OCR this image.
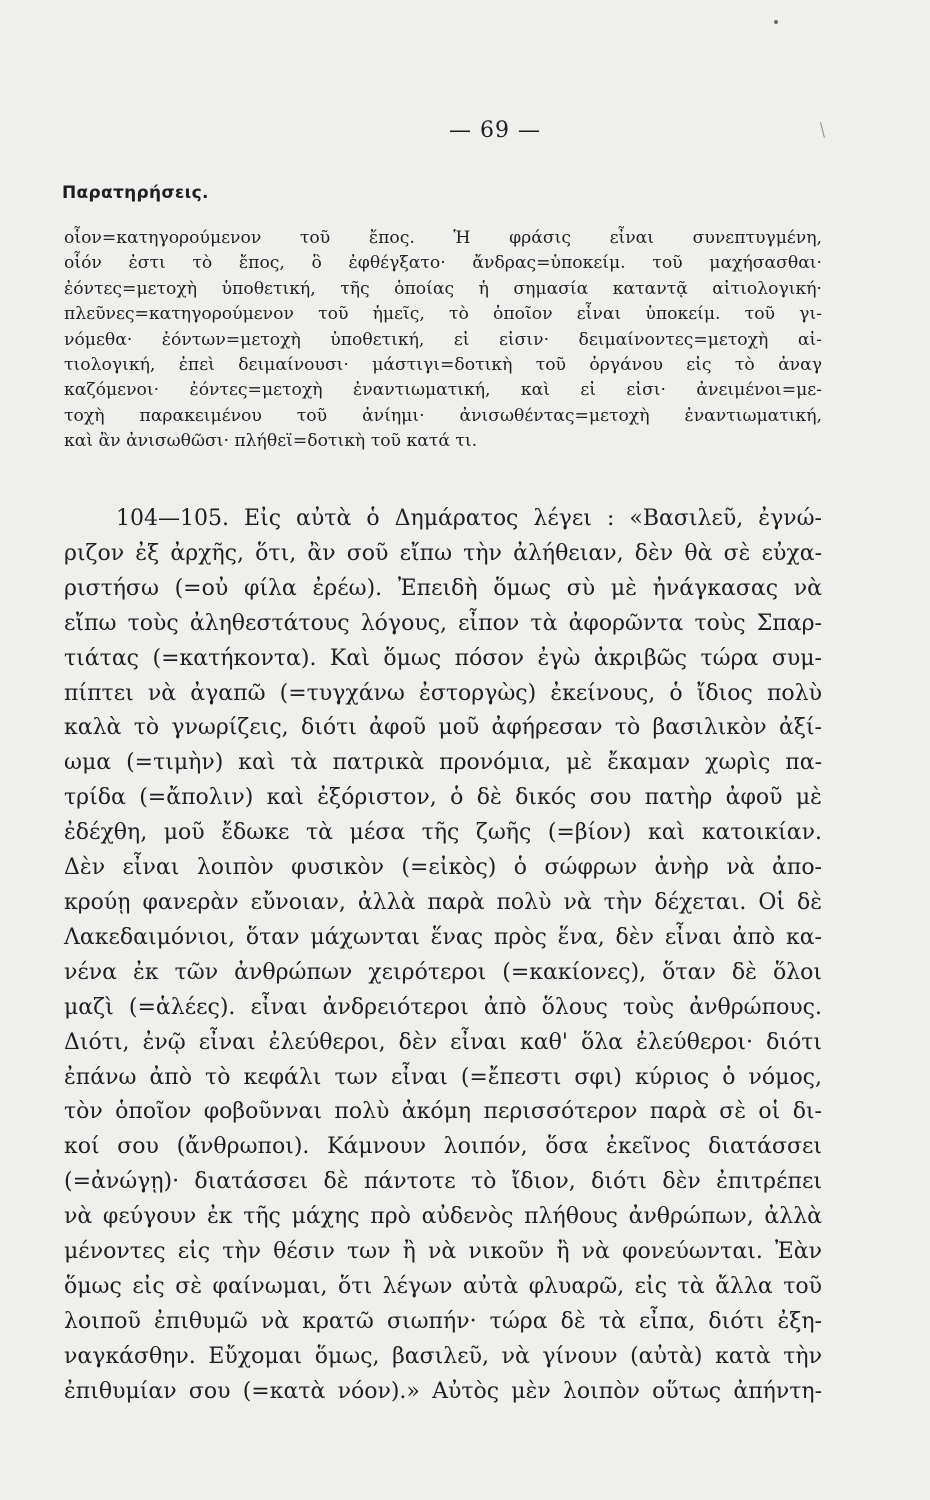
— 69 —
Παρατηρήσεις.
οἷον=κατηγορούμενον τοῦ ἔπος. Ἡ φράσις εἶναι συνεπτυγμένη,
οἷόν ἐστι τὸ ἔπος, ὃ ἐφθέγξατο· ἄνδρας=ὑποκείμ. τοῦ μαχήσασθαι·
ἐόντες=μετοχὴ ὑποθετική, τῆς ὁποίας ἡ σημασία καταντᾷ αἰτιολογική·
πλεῦνες=κατηγορούμενον τοῦ ἡμεῖς, τὸ ὁποῖον εἶναι ὑποκείμ. τοῦ γι-
νόμεθα· ἐόντων=μετοχὴ ὑποθετική, εἰ εἰσιν· δειμαίνοντες=μετοχὴ αἰ-
τιολογική, ἐπεὶ δειμαίνουσι· μάστιγι=δοτικὴ τοῦ ὀργάνου εἰς τὸ ἀναγ
καζόμενοι· ἐόντες=μετοχὴ ἐναντιωματική, καὶ εἰ εἰσι· ἀνειμένοι=με-
τοχὴ παρακειμένου τοῦ ἀνίημι· ἀνισωθέντας=μετοχὴ ἐναντιωματική,
καὶ ἂν ἀνισωθῶσι· πλήθεϊ=δοτικὴ τοῦ κατά τι.
104—105. Εἰς αὐτὰ ὁ Δημάρατος λέγει : «Βασιλεῦ, ἐγνώ-
ριζον ἐξ ἀρχῆς, ὅτι, ἂν σοῦ εἴπω τὴν ἀλήθειαν, δὲν θὰ σὲ εὐχα-
ριστήσω (=οὐ φίλα ἐρέω). Ἐπειδὴ ὅμως σὺ μὲ ἠνάγκασας νὰ
εἴπω τοὺς ἀληθεστάτους λόγους, εἶπον τὰ ἀφορῶντα τοὺς Σπαρ-
τιάτας (=κατήκοντα). Καὶ ὅμως πόσον ἐγὼ ἀκριβῶς τώρα συμ-
πίπτει νὰ ἀγαπῶ (=τυγχάνω ἐστοργὼς) ἐκείνους, ὁ ἴδιος πολὺ
καλὰ τὸ γνωρίζεις, διότι ἀφοῦ μοῦ ἀφήρεσαν τὸ βασιλικὸν ἀξί-
ωμα (=τιμὴν) καὶ τὰ πατρικὰ προνόμια, μὲ ἔκαμαν χωρὶς πα-
τρίδα (=ἄπολιν) καὶ ἐξόριστον, ὁ δὲ δικός σου πατὴρ ἀφοῦ μὲ
ἐδέχθη, μοῦ ἔδωκε τὰ μέσα τῆς ζωῆς (=βίον) καὶ κατοικίαν.
Δὲν εἶναι λοιπὸν φυσικὸν (=εἰκὸς) ὁ σώφρων ἀνὴρ νὰ ἀπο-
κρούῃ φανερὰν εὔνοιαν, ἀλλὰ παρὰ πολὺ νὰ τὴν δέχεται. Οἱ δὲ
Λακεδαιμόνιοι, ὅταν μάχωνται ἕνας πρὸς ἕνα, δὲν εἶναι ἀπὸ κα-
νένα ἐκ τῶν ἀνθρώπων χειρότεροι (=κακίονες), ὅταν δὲ ὅλοι
μαζὶ (=ἁλέες). εἶναι ἀνδρειότεροι ἀπὸ ὅλους τοὺς ἀνθρώπους.
Διότι, ἐνῷ εἶναι ἐλεύθεροι, δὲν εἶναι καθ' ὅλα ἐλεύθεροι· διότι
ἐπάνω ἀπὸ τὸ κεφάλι των εἶναι (=ἔπεστι σφι) κύριος ὁ νόμος,
τὸν ὁποῖον φοβοῦνναι πολὺ ἀκόμη περισσότερον παρὰ σὲ οἱ δι-
κοί σου (ἄνθρωποι). Κάμνουν λοιπόν, ὅσα ἐκεῖνος διατάσσει
(=ἀνώγῃ)· διατάσσει δὲ πάντοτε τὸ ἴδιον, διότι δὲν ἐπιτρέπει
νὰ φεύγουν ἐκ τῆς μάχης πρὸ αὐδενὸς πλήθους ἀνθρώπων, ἀλλὰ
μένοντες εἰς τὴν θέσιν των ἢ νὰ νικοῦν ἢ νὰ φονεύωνται. Ἐὰν
ὅμως εἰς σὲ φαίνωμαι, ὅτι λέγων αὐτὰ φλυαρῶ, εἰς τὰ ἄλλα τοῦ
λοιποῦ ἐπιθυμῶ νὰ κρατῶ σιωπήν· τώρα δὲ τὰ εἶπα, διότι ἐξη-
ναγκάσθην. Εὔχομαι ὅμως, βασιλεῦ, νὰ γίνουν (αὐτὰ) κατὰ τὴν
ἐπιθυμίαν σου (=κατὰ νόον).» Αὐτὸς μὲν λοιπὸν οὕτως ἀπήντη-
